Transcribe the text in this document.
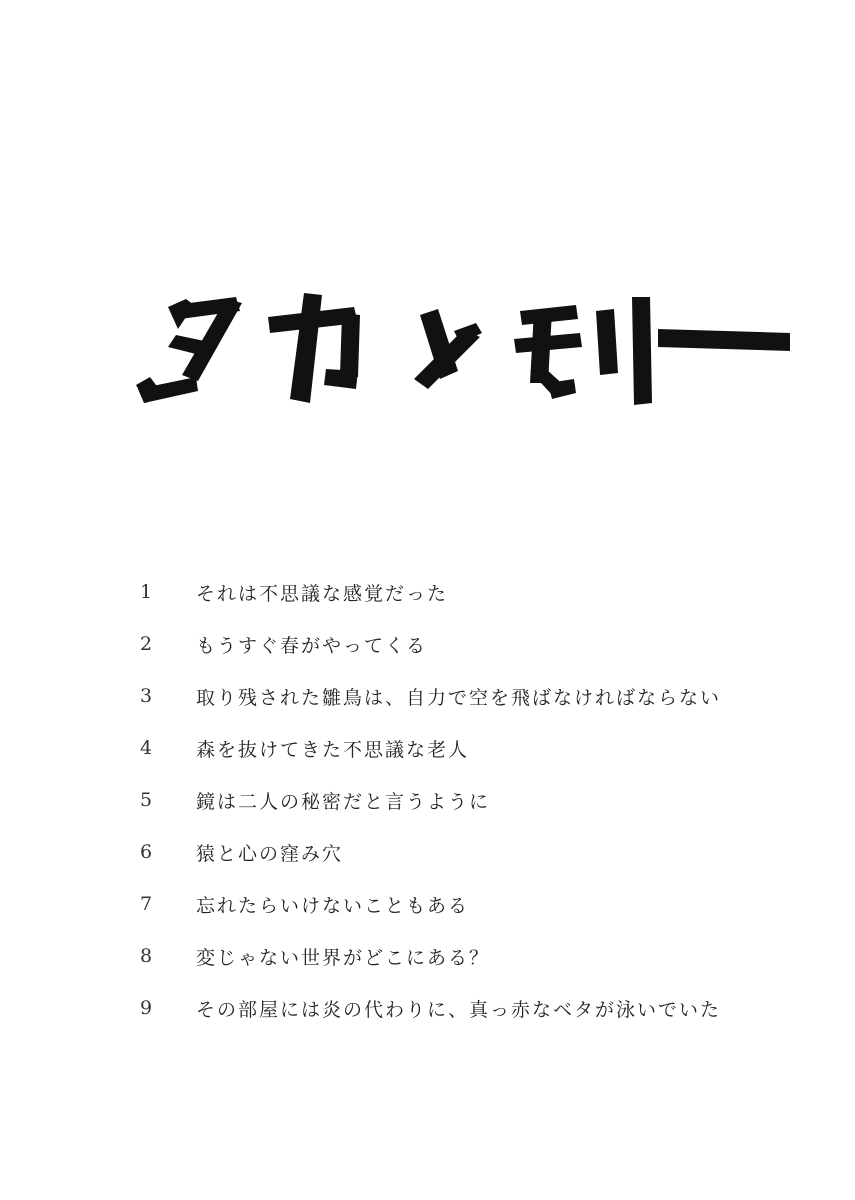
1	それは不思議な感覚だった
2	もうすぐ春がやってくる
3	取り残された雛鳥は、自力で空を飛ばなければならない
4	森を抜けてきた不思議な老人
5	鏡は二人の秘密だと言うように
6	猿と心の窪み穴
7	忘れたらいけないこともある
8	変じゃない世界がどこにある？
9	その部屋には炎の代わりに、真っ赤なベタが泳いでいた
